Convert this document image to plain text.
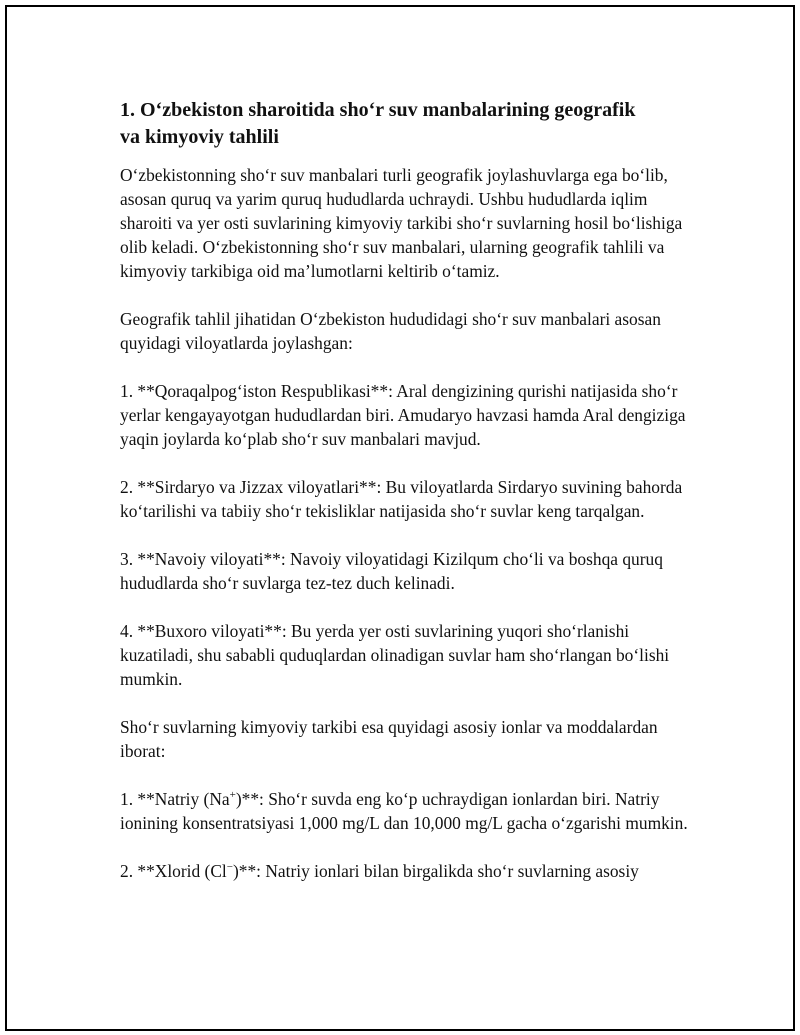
1. O‘zbekiston sharoitida sho‘r suv manbalarining geografik
va kimyoviy tahlili

O‘zbekistonning sho‘r suv manbalari turli geografik joylashuvlarga ega bo‘lib, asosan quruq va yarim quruq hududlarda uchraydi. Ushbu hududlarda iqlim sharoiti va yer osti suvlarining kimyoviy tarkibi sho‘r suvlarning hosil bo‘lishiga olib keladi. O‘zbekistonning sho‘r suv manbalari, ularning geografik tahlili va kimyoviy tarkibiga oid ma’lumotlarni keltirib o‘tamiz.

Geografik tahlil jihatidan O‘zbekiston hududidagi sho‘r suv manbalari asosan quyidagi viloyatlarda joylashgan:

1. **Qoraqalpog‘iston Respublikasi**: Aral dengizining qurishi natijasida sho‘r yerlar kengayayotgan hududlardan biri. Amudaryo havzasi hamda Aral dengiziga yaqin joylarda ko‘plab sho‘r suv manbalari mavjud.

2. **Sirdaryo va Jizzax viloyatlari**: Bu viloyatlarda Sirdaryo suvining bahorda ko‘tarilishi va tabiiy sho‘r tekisliklar natijasida sho‘r suvlar keng tarqalgan.

3. **Navoiy viloyati**: Navoiy viloyatidagi Kizilqum cho‘li va boshqa quruq hududlarda sho‘r suvlarga tez-tez duch kelinadi.

4. **Buxoro viloyati**: Bu yerda yer osti suvlarining yuqori sho‘rlanishi kuzatiladi, shu sababli quduqlardan olinadigan suvlar ham sho‘rlangan bo‘lishi mumkin.

Sho‘r suvlarning kimyoviy tarkibi esa quyidagi asosiy ionlar va moddalardan iborat:

1. **Natriy (Na+)**: Sho‘r suvda eng ko‘p uchraydigan ionlardan biri. Natriy ionining konsentratsiyasi 1,000 mg/L dan 10,000 mg/L gacha o‘zgarishi mumkin.

2. **Xlorid (Cl−)**: Natriy ionlari bilan birgalikda sho‘r suvlarning asosiy
